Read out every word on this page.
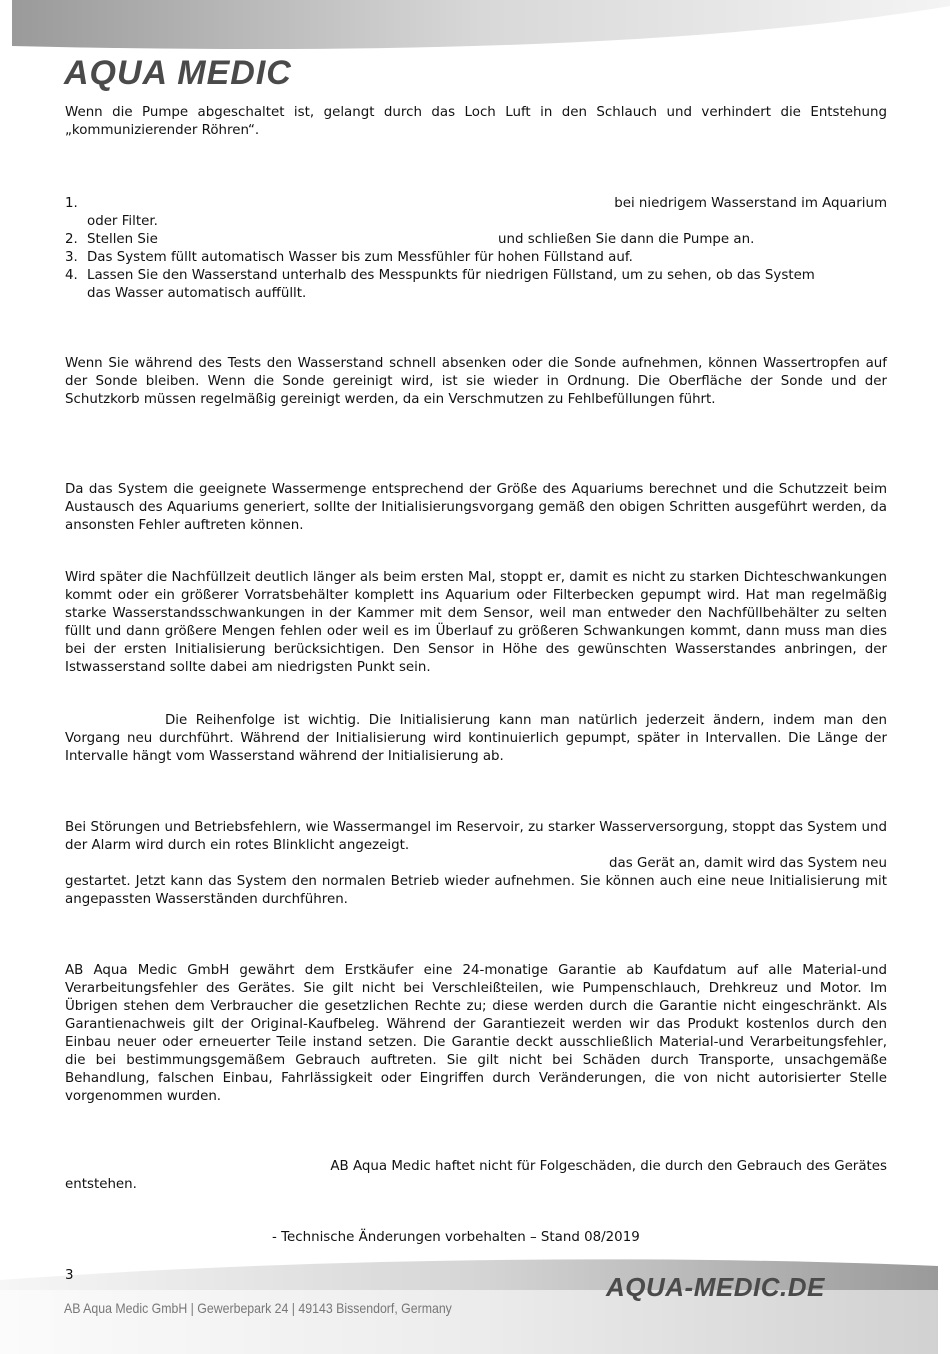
AQUA MEDIC

Wenn die Pumpe abgeschaltet ist, gelangt durch das Loch Luft in den Schlauch und verhindert die Entstehung „kommunizierender Röhren“.

1.	bei niedrigem Wasserstand im Aquarium
oder Filter.
2. Stellen Sie	und schließen Sie dann die Pumpe an.
3. Das System füllt automatisch Wasser bis zum Messfühler für hohen Füllstand auf.
4. Lassen Sie den Wasserstand unterhalb des Messpunkts für niedrigen Füllstand, um zu sehen, ob das System
das Wasser automatisch auffüllt.

Wenn Sie während des Tests den Wasserstand schnell absenken oder die Sonde aufnehmen, können Wassertropfen auf der Sonde bleiben. Wenn die Sonde gereinigt wird, ist sie wieder in Ordnung. Die Oberfläche der Sonde und der Schutzkorb müssen regelmäßig gereinigt werden, da ein Verschmutzen zu Fehlbefüllungen führt.

Da das System die geeignete Wassermenge entsprechend der Größe des Aquariums berechnet und die Schutzzeit beim Austausch des Aquariums generiert, sollte der Initialisierungsvorgang gemäß den obigen Schritten ausgeführt werden, da ansonsten Fehler auftreten können.

Wird später die Nachfüllzeit deutlich länger als beim ersten Mal, stoppt er, damit es nicht zu starken Dichteschwankungen kommt oder ein größerer Vorratsbehälter komplett ins Aquarium oder Filterbecken gepumpt wird. Hat man regelmäßig starke Wasserstandsschwankungen in der Kammer mit dem Sensor, weil man entweder den Nachfüllbehälter zu selten füllt und dann größere Mengen fehlen oder weil es im Überlauf zu größeren Schwankungen kommt, dann muss man dies bei der ersten Initialisierung berücksichtigen. Den Sensor in Höhe des gewünschten Wasserstandes anbringen, der Istwasserstand sollte dabei am niedrigsten Punkt sein.

Die Reihenfolge ist wichtig. Die Initialisierung kann man natürlich jederzeit ändern, indem man den Vorgang neu durchführt. Während der Initialisierung wird kontinuierlich gepumpt, später in Intervallen. Die Länge der Intervalle hängt vom Wasserstand während der Initialisierung ab.

Bei Störungen und Betriebsfehlern, wie Wassermangel im Reservoir, zu starker Wasserversorgung, stoppt das System und der Alarm wird durch ein rotes Blinklicht angezeigt.

das Gerät an, damit wird das System neu

gestartet. Jetzt kann das System den normalen Betrieb wieder aufnehmen. Sie können auch eine neue Initialisierung mit angepassten Wasserständen durchführen.

AB Aqua Medic GmbH gewährt dem Erstkäufer eine 24-monatige Garantie ab Kaufdatum auf alle Material-und Verarbeitungsfehler des Gerätes. Sie gilt nicht bei Verschleißteilen, wie Pumpenschlauch, Drehkreuz und Motor. Im Übrigen stehen dem Verbraucher die gesetzlichen Rechte zu; diese werden durch die Garantie nicht eingeschränkt. Als Garantienachweis gilt der Original-Kaufbeleg. Während der Garantiezeit werden wir das Produkt kostenlos durch den Einbau neuer oder erneuerter Teile instand setzen. Die Garantie deckt ausschließlich Material-und Verarbeitungsfehler, die bei bestimmungsgemäßem Gebrauch auftreten. Sie gilt nicht bei Schäden durch Transporte, unsachgemäße Behandlung, falschen Einbau, Fahrlässigkeit oder Eingriffen durch Veränderungen, die von nicht autorisierter Stelle vorgenommen wurden.

AB Aqua Medic haftet nicht für Folgeschäden, die durch den Gebrauch des Gerätes

entstehen.

- Technische Änderungen vorbehalten – Stand 08/2019
3	AQUA-MEDIC.DE
AB Aqua Medic GmbH | Gewerbepark 24 | 49143 Bissendorf, Germany
